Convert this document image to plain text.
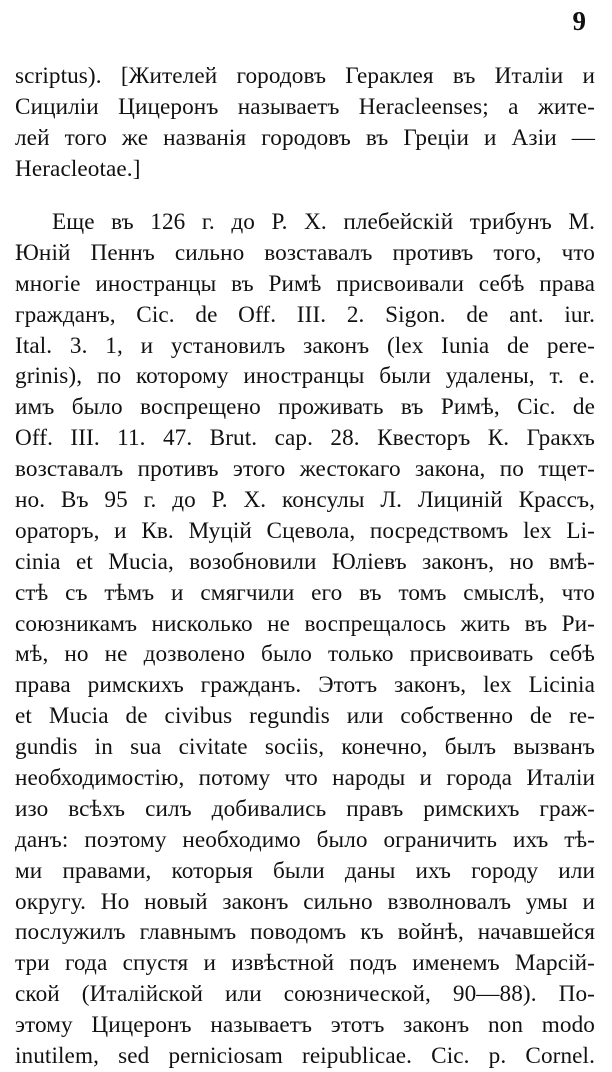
9
scriptus). [Жителей городовъ Гераклея въ Италіи и
Сициліи Цицеронъ называетъ Heracleenses; а жите-
лей того же названія городовъ въ Греціи и Азіи —
Heracleotae.]
Еще въ 126 г. до Р. Х. плебейскій трибунъ М.
Юній Пеннъ сильно возставалъ противъ того, что
многіе иностранцы въ Римѣ присвоивали себѣ права
гражданъ, Cic. de Off. III. 2. Sigon. de ant. iur.
Ital. 3. 1, и установилъ законъ (lex Iunia de pere-
grinis), по которому иностранцы были удалены, т. е.
имъ было воспрещено проживать въ Римѣ, Cic. de
Off. III. 11. 47. Brut. cap. 28. Квесторъ К. Гракхъ
возставалъ противъ этого жестокаго закона, по тщет-
но. Въ 95 г. до Р. Х. консулы Л. Лициній Крассъ,
ораторъ, и Кв. Муцій Сцевола, посредствомъ lex Li-
cinia et Mucia, возобновили Юліевъ законъ, но вмѣ-
стѣ съ тѣмъ и смягчили его въ томъ смыслѣ, что
союзникамъ нисколько не воспрещалось жить въ Ри-
мѣ, но не дозволено было только присвоивать себѣ
права римскихъ гражданъ. Этотъ законъ, lex Licinia
et Mucia de civibus regundis или собственно de re-
gundis in sua civitate sociis, конечно, былъ вызванъ
необходимостію, потому что народы и города Италіи
изо всѣхъ силъ добивались правъ римскихъ граж-
данъ: поэтому необходимо было ограничить ихъ тѣ-
ми правами, которыя были даны ихъ городу или
округу. Но новый законъ сильно взволновалъ умы и
послужилъ главнымъ поводомъ къ войнѣ, начавшейся
три года спустя и извѣстной подъ именемъ Марсій-
ской (Италійской или союзнической, 90—88). По-
этому Цицеронъ называетъ этотъ законъ non modo
inutilem, sed perniciosam reipublicae. Cic. p. Cornel.
